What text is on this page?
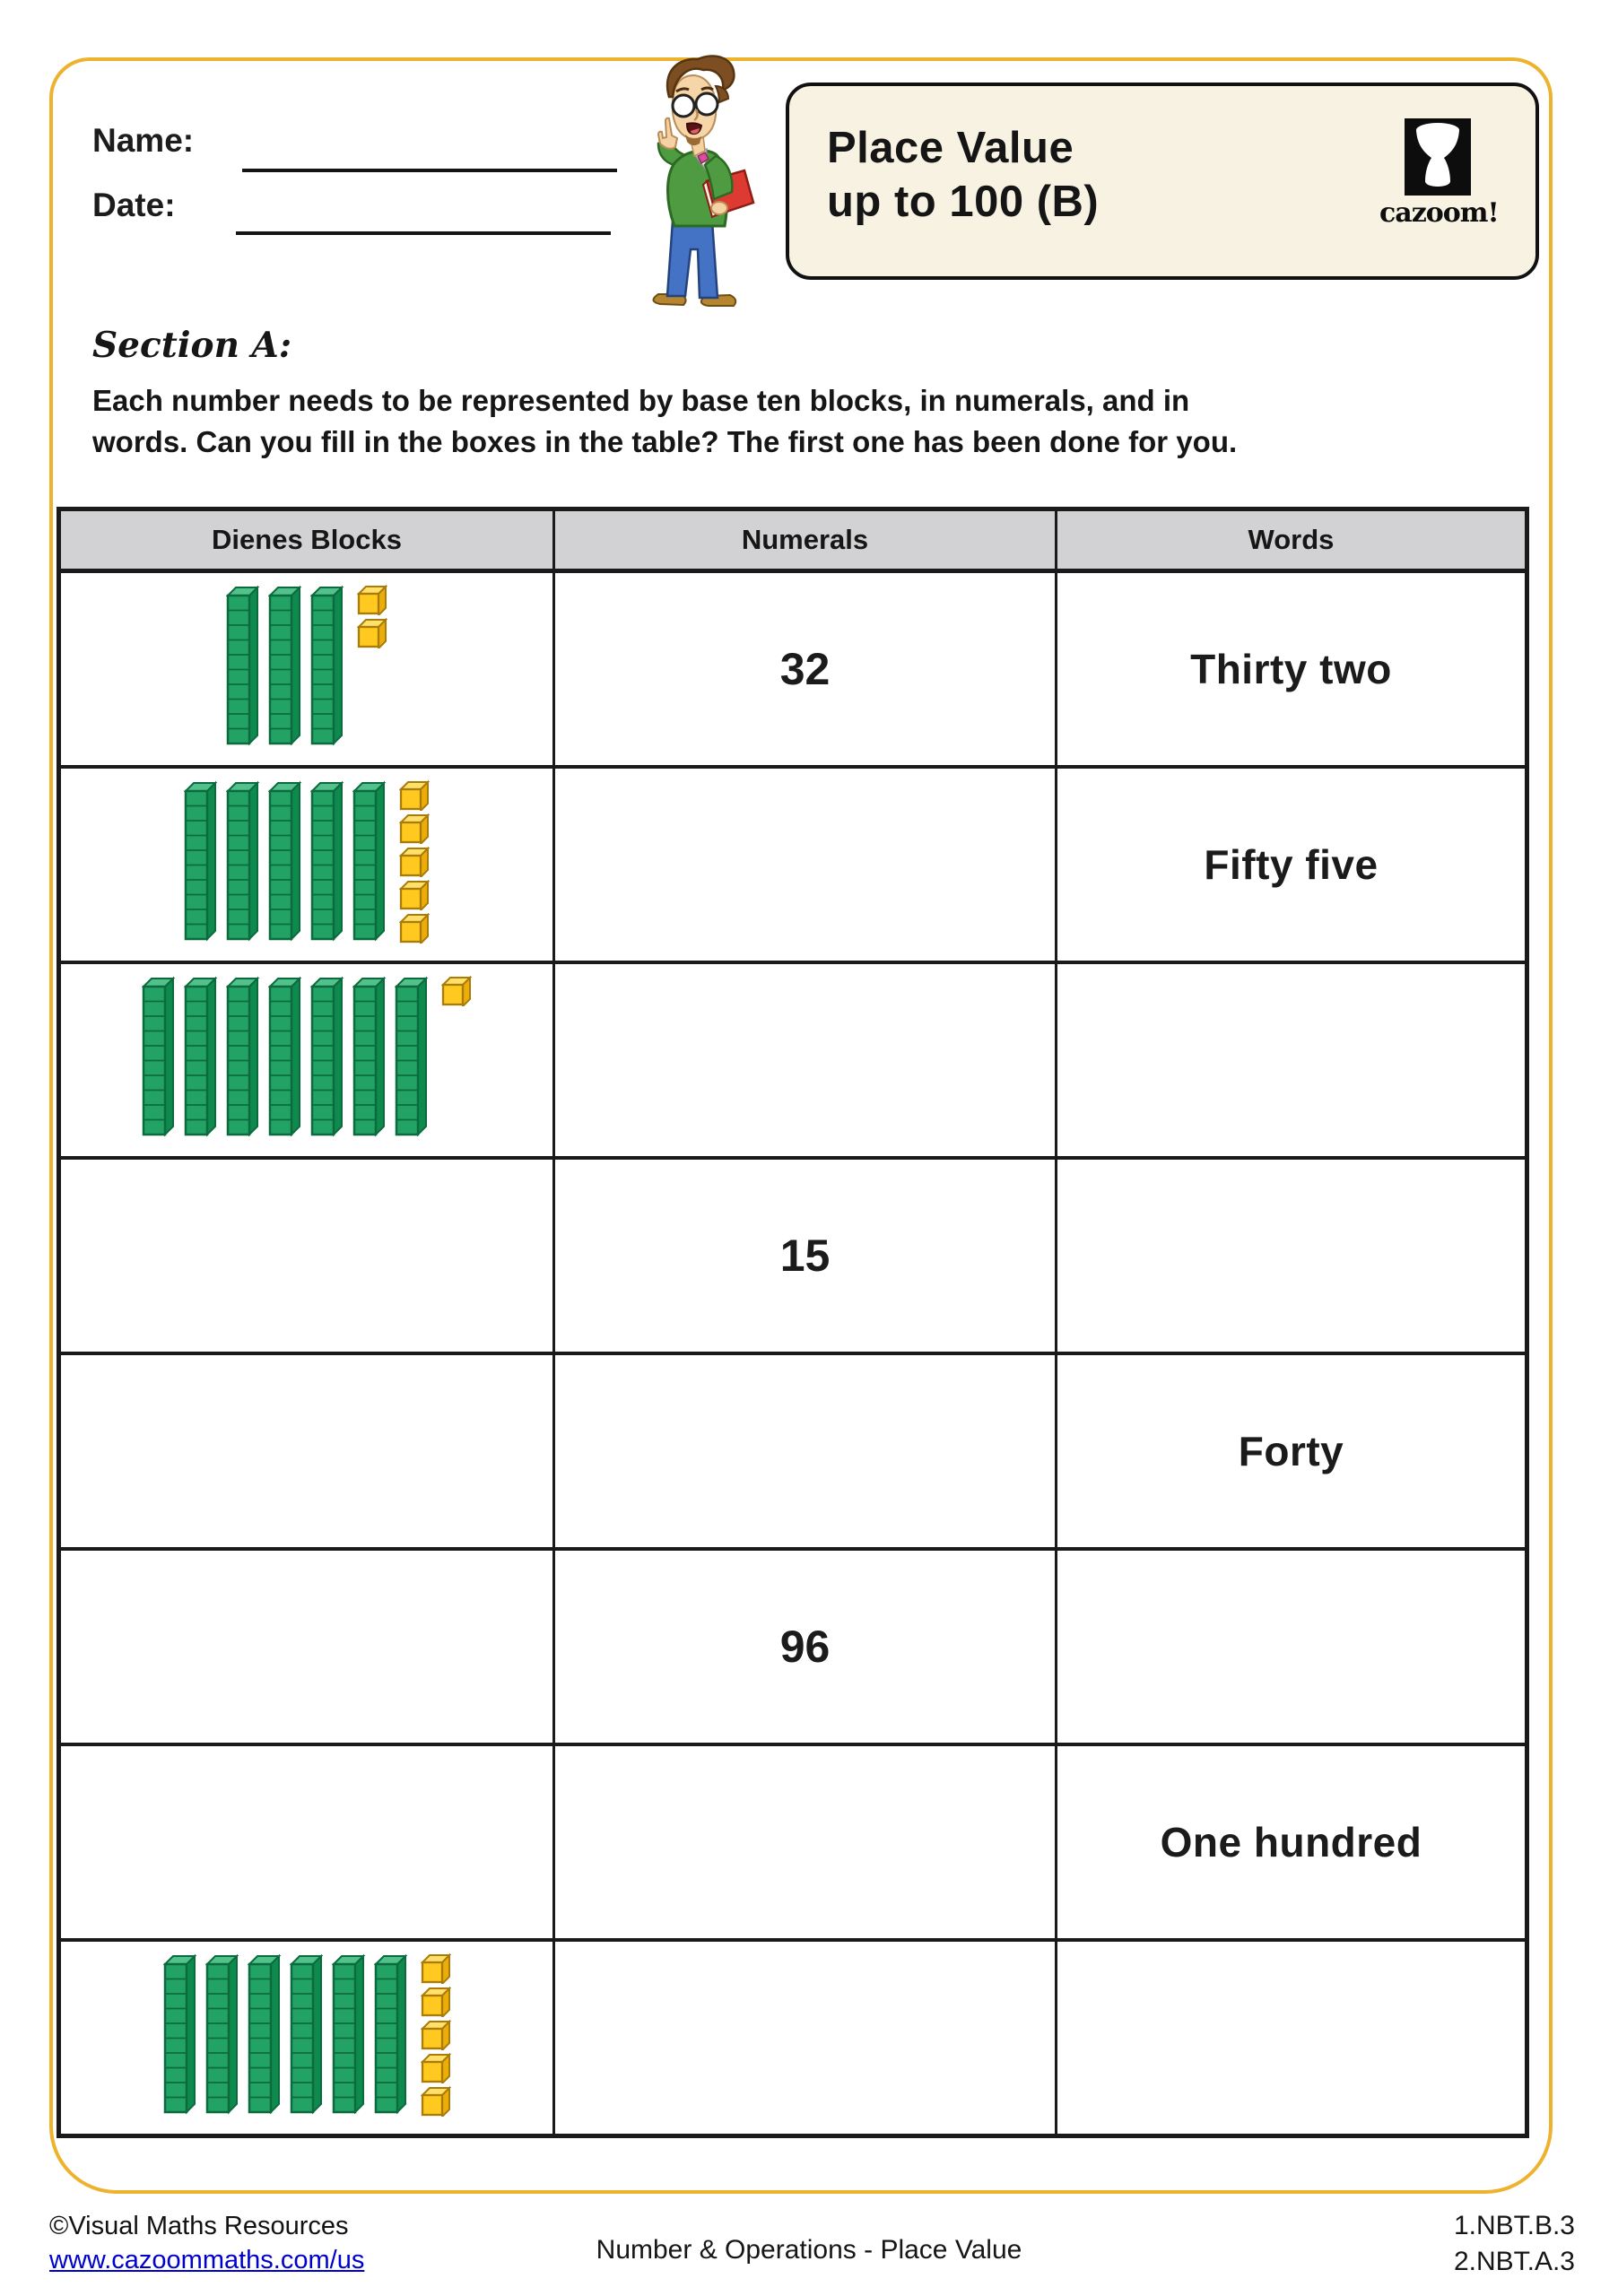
Name:
Date:
Place Value
up to 100 (B)	cazoom!
Section A:
Each number needs to be represented by base ten blocks, in numerals, and in
words. Can you fill in the boxes in the table? The first one has been done for you.
Dienes Blocks	Numerals	Words

	32	Thirty two

		Fifty five

	15	
		Forty
	96	
		One hundred

©Visual Maths Resources
www.cazoommaths.com/us	Number & Operations - Place Value
1.NBT.B.3
2.NBT.A.3
